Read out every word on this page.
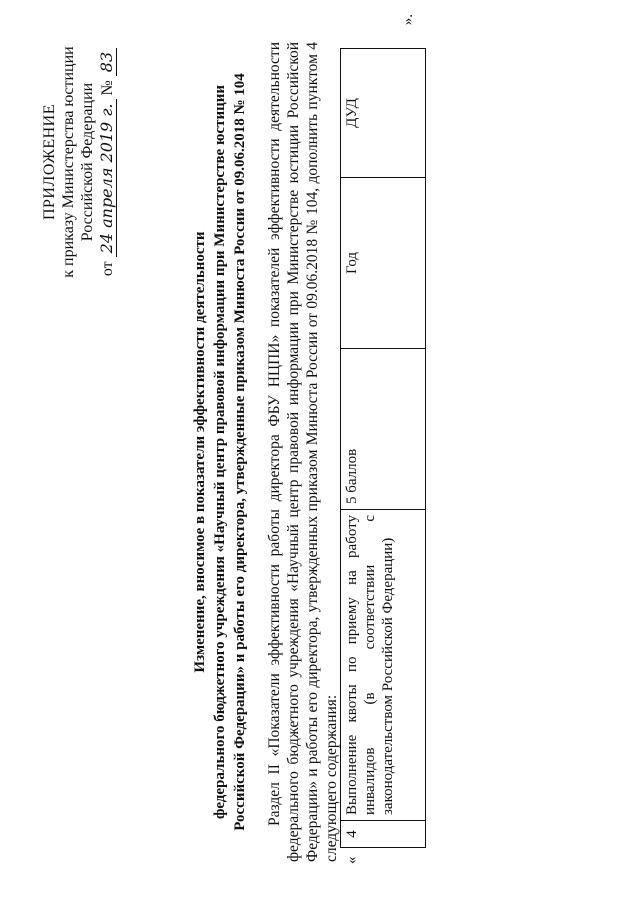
ПРИЛОЖЕНИЕ к приказу Министерства юстиции Российской Федерации
от 24 апреля 2019 г. № 83
Изменение, вносимое в показатели эффективности деятельности федерального бюджетного учреждения «Научный центр правовой информации при Министерстве юстиции Российской Федерации» и работы его директора, утвержденные приказом Минюста России от 09.06.2018 № 104 Раздел II «Показатели эффективности работы директора ФБУ НЦПИ» показателей эффективности деятельности федерального бюджетного учреждения «Научный центр правовой информации при Министерстве юстиции Российской Федерации» и работы его директора, утвержденных приказом Минюста России от 09.06.2018 № 104, дополнить пунктом 4 следующего содержания: «
4	Выполнение квоты по приему на работу инвалидов (в соответствии с законодательством Российской Федерации)	5 баллов	Год	ДУД
».
